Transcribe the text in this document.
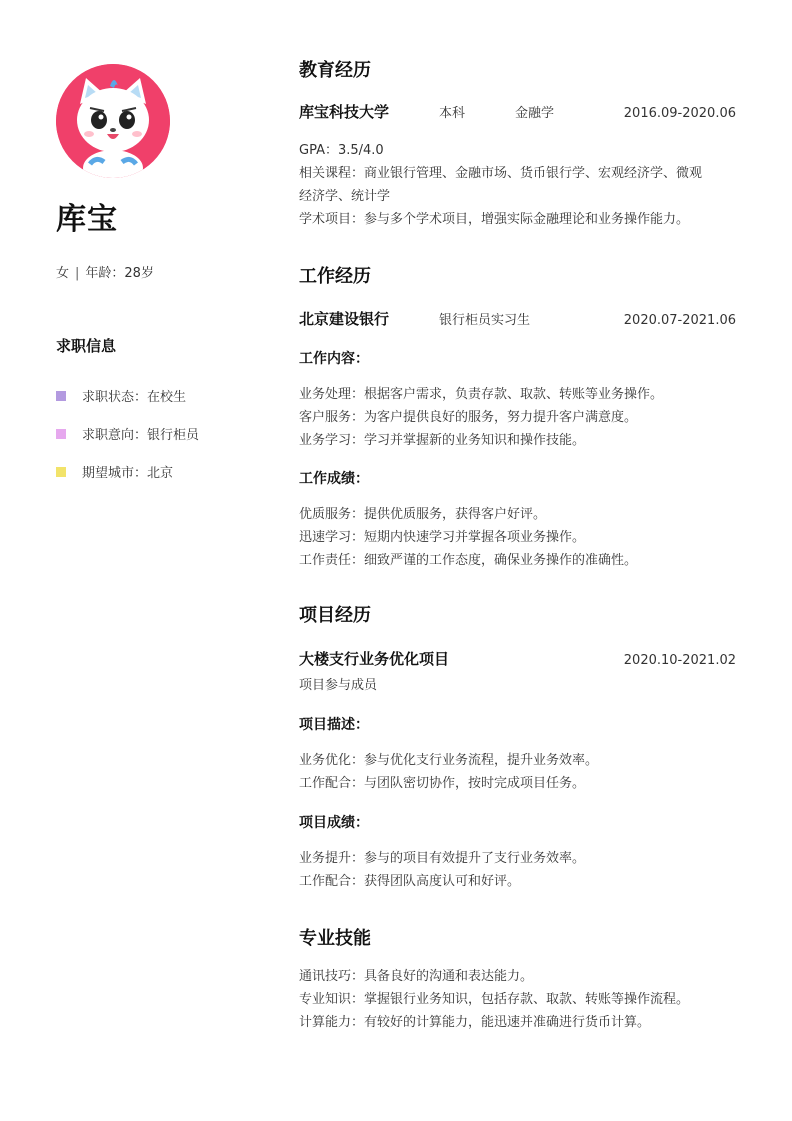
库宝
女 | 年龄：28岁
求职信息
求职状态：在校生
求职意向：银行柜员
期望城市：北京
教育经历
库宝科技大学	本科	金融学	2016.09-2020.06

GPA：3.5/4.0

相关课程：商业银行管理、金融市场、货币银行学、宏观经济学、微观

经济学、统计学

学术项目：参与多个学术项目，增强实际金融理论和业务操作能力。

工作经历
北京建设银行	银行柜员实习生	2020.07-2021.06
工作内容：

业务处理：根据客户需求，负责存款、取款、转账等业务操作。

客户服务：为客户提供良好的服务，努力提升客户满意度。

业务学习：学习并掌握新的业务知识和操作技能。

工作成绩：

优质服务：提供优质服务，获得客户好评。

迅速学习：短期内快速学习并掌握各项业务操作。

工作责任：细致严谨的工作态度，确保业务操作的准确性。

项目经历
大楼支行业务优化项目	2020.10-2021.02
项目参与成员
项目描述：

业务优化：参与优化支行业务流程，提升业务效率。

工作配合：与团队密切协作，按时完成项目任务。

项目成绩：

业务提升：参与的项目有效提升了支行业务效率。

工作配合：获得团队高度认可和好评。

专业技能

通讯技巧：具备良好的沟通和表达能力。

专业知识：掌握银行业务知识，包括存款、取款、转账等操作流程。

计算能力：有较好的计算能力，能迅速并准确进行货币计算。
